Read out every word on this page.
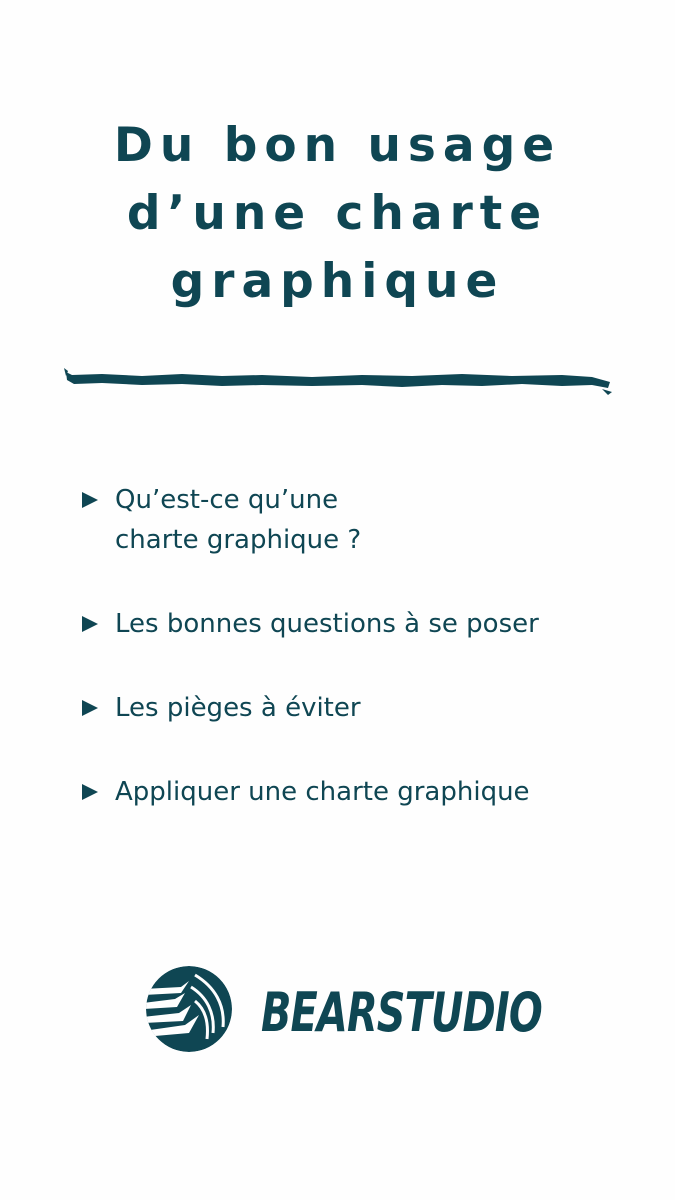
Du bon usage
d’une charte
graphique
Qu’est-ce qu’une
charte graphique ?
Les bonnes questions à se poser
Les pièges à éviter
Appliquer une charte graphique
BEARSTUDIO
